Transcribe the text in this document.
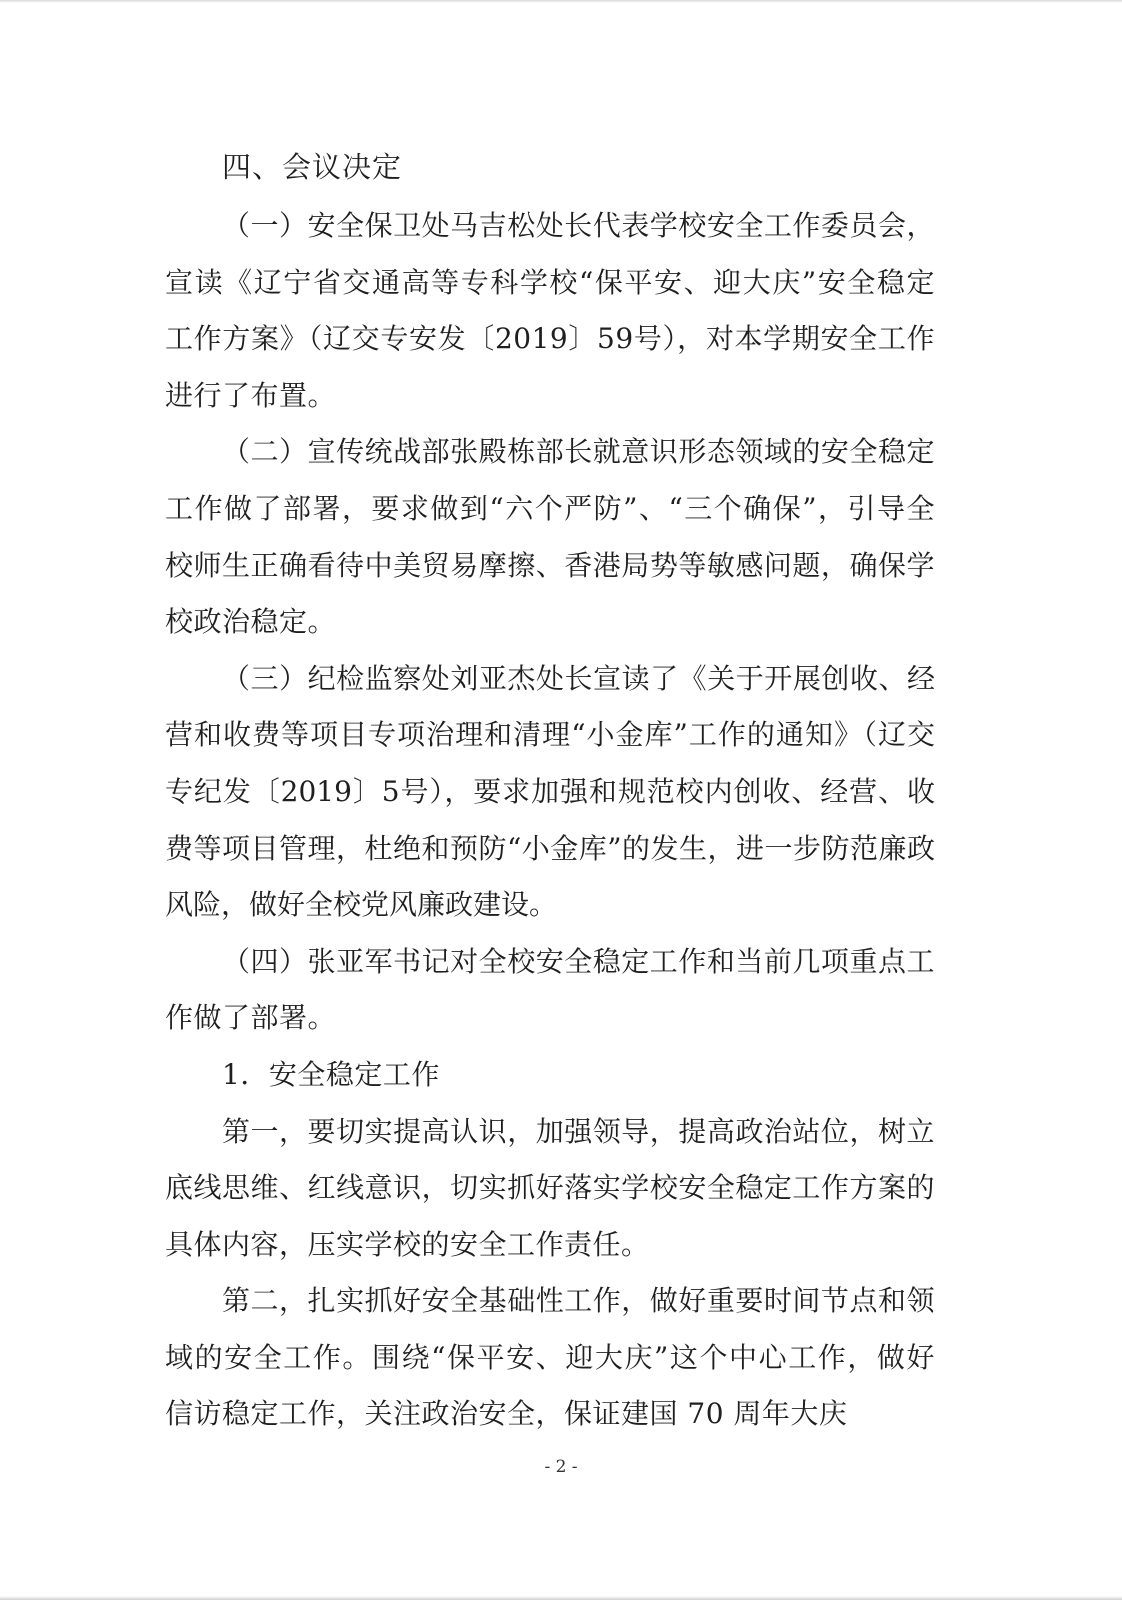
四、会议决定

（一）安全保卫处马吉松处长代表学校安全工作委员会，宣读《辽宁省交通高等专科学校“保平安、迎大庆”安全稳定工作方案》（辽交专安发〔2019〕59号），对本学期安全工作进行了布置。

（二）宣传统战部张殿栋部长就意识形态领域的安全稳定工作做了部署，要求做到“六个严防”、“三个确保”，引导全校师生正确看待中美贸易摩擦、香港局势等敏感问题，确保学校政治稳定。

（三）纪检监察处刘亚杰处长宣读了《关于开展创收、经营和收费等项目专项治理和清理“小金库”工作的通知》（辽交专纪发〔2019〕5号），要求加强和规范校内创收、经营、收费等项目管理，杜绝和预防“小金库”的发生，进一步防范廉政风险，做好全校党风廉政建设。

（四）张亚军书记对全校安全稳定工作和当前几项重点工作做了部署。

1．安全稳定工作

第一，要切实提高认识，加强领导，提高政治站位，树立底线思维、红线意识，切实抓好落实学校安全稳定工作方案的具体内容，压实学校的安全工作责任。

第二，扎实抓好安全基础性工作，做好重要时间节点和领域的安全工作。围绕“保平安、迎大庆”这个中心工作，做好信访稳定工作，关注政治安全，保证建国 70 周年大庆

- 2 -
